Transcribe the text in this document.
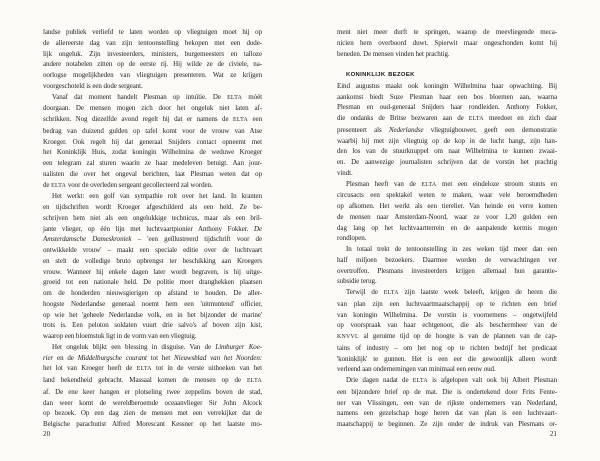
landse publiek verliefd te laten worden op vliegtuigen moet hij op
de allereerste dag van zijn tentoonstelling bekopen met een dode-
lijk ongeluk. Zijn investeerders, ministers, burgemeesters en talloze
andere notabelen zitten op de eerste rij. Hij wilde ze de civiele, na-
oorlogse mogelijkheden van vliegtuigen presenteren. Wat ze krijgen
voorgeschoteld is een dode sergeant.
Vanaf dat moment handelt Plesman op intuïtie. De ELTA móét
doorgaan. De mensen mogen zich door het ongeluk niet laten af-
schrikken. Nog diezelfde avond regelt hij dat er namens de ELTA een
bedrag van duizend gulden op tafel komt voor de vrouw van Atse
Kroeger. Ook regelt hij dat generaal Snijders contact opneemt met
het Koninklijk Huis, zodat koningin Wilhelmina de weduwe Kroeger
een telegram zal sturen waarin ze haar medeleven betuigt. Aan jour-
nalisten die over het ongeval berichten, laat Plesman weten dat op
de ELTA voor de overleden sergeant gecollecteerd zal worden.
Het werkt: een golf van sympathie rolt over het land. In kranten
en tijdschriften wordt Kroeger afgeschilderd als een held. Ze be-
schrijven hem niet als een ongelukkige technicus, maar als een bril-
jante vlieger, op één lijn met luchtvaartpionier Anthony Fokker. De
Amsterdamsche Dameskroniek – 'een geïllustreerd tijdschrift voor de
ontwikkelde vrouw' – maakt een speciale editie over de luchtvaart
en stelt de volledige bruto opbrengst ter beschikking aan Kroegers
vrouw. Wanneer hij enkele dagen later wordt begraven, is hij uitge-
groeid tot een nationale held. De politie moet dranghekken plaatsen
om de honderden nieuwsgierigen op afstand te houden. De aller-
hoogste Nederlandse generaal noemt hem een 'uitmuntend' officier,
op wie het 'geheele Nederlandse volk, en in het bijzonder de marine'
trots is. Een peloton soldaten vuurt drie salvo's af boven zijn kist,
waarop een bloemstuk ligt in de vorm van een vliegtuig.
Het ongeluk blijkt een blessing in disguise. Van de Limburger Koe-
rier en de Middelburgsche courant tot het Nieuwsblad van het Noorden:
het lot van Kroeger heeft de ELTA tot in de verste uithoeken van het
land bekendheid gebracht. Massaal komen de mensen op de ELTA
af. De ene keer hangen er plotseling twee zeppelins boven de stad,
dan weer komt de wereldberoemde oceaanvlieger Sir John Alcock
op bezoek. Op een dag zien de mensen met een verrekijker dat de
Belgische parachutist Alfred Morescant Kessner op het laatste mo-
ment niet meer durft te springen, waarop de meevliegende meca-
nicien hem overboord duwt. Spierwit maar ongeschonden komt hij
beneden. De mensen vinden het prachtig.
KONINKLIJK BEZOEK
Eind augustus maakt ook koningin Wilhelmina haar opwachting. Bij
aankomst biedt Suze Plesman haar een bos bloemen aan, waarna
Plesman en oud-generaal Snijders haar rondleiden. Anthony Fokker,
die ondanks de Britse bezwaren aan de ELTA meedoet en zich daar
presenteert als Nederlandse vliegtuigbouwer, geeft een demonstratie
waarbij hij met zijn vliegtuig op de kop in de lucht hangt, zijn han-
den los van de stuurknuppel om naar Wilhelmina te kunnen zwaai-
en. De aanwezige journalisten schrijven dat de vorstin het prachtig
vindt.
Plesman heeft van de ELTA met een eindeloze stroom stunts en
circusacts een spektakel weten te maken, waar vele beroemdheden
op afkomen. Het werkt als een tierelier. Van heinde en verre komen
de mensen naar Amsterdam-Noord, waar ze voor 1,20 gulden een
dag lang op het luchtvaartterrein en de aanpalende kermis mogen
rondlopen.
In totaal trekt de tentoonstelling in zes weken tijd meer dan een
half miljoen bezoekers. Daarmee worden de verwachtingen ver
overtroffen. Plesmans investeerders krijgen allemaal hun garantie-
subsidie terug.
Terwijl de ELTA zijn laatste week beleeft, krijgen de heren die
van plan zijn een luchtvaartmaatschappij op te richten een brief
van koningin Wilhelmina. De vorstin is voornemens – ongetwijfeld
op voorspraak van haar echtgenoot, die als beschermheer van de
KNVVL al geruime tijd op de hoogte is van de plannen van de cap-
tains of industry – om het nog op te richten bedrijf het predicaat
'koninklijk' te gunnen. Het is een eer die gewoonlijk alleen wordt
verleend aan ondernemingen van minimaal een eeuw oud.
Drie dagen nadat de ELTA is afgelopen valt ook bij Albert Plesman
een bijzondere brief op de mat. Die is ondertekend door Frits Fente-
ner van Vlissingen, een van de rijkste ondernemers van Nederland,
namens een gezelschap hoge heren dat van plan is een luchtvaart-
maatschappij te beginnen. Ze zijn onder de indruk van Plesmans or-
20	21
